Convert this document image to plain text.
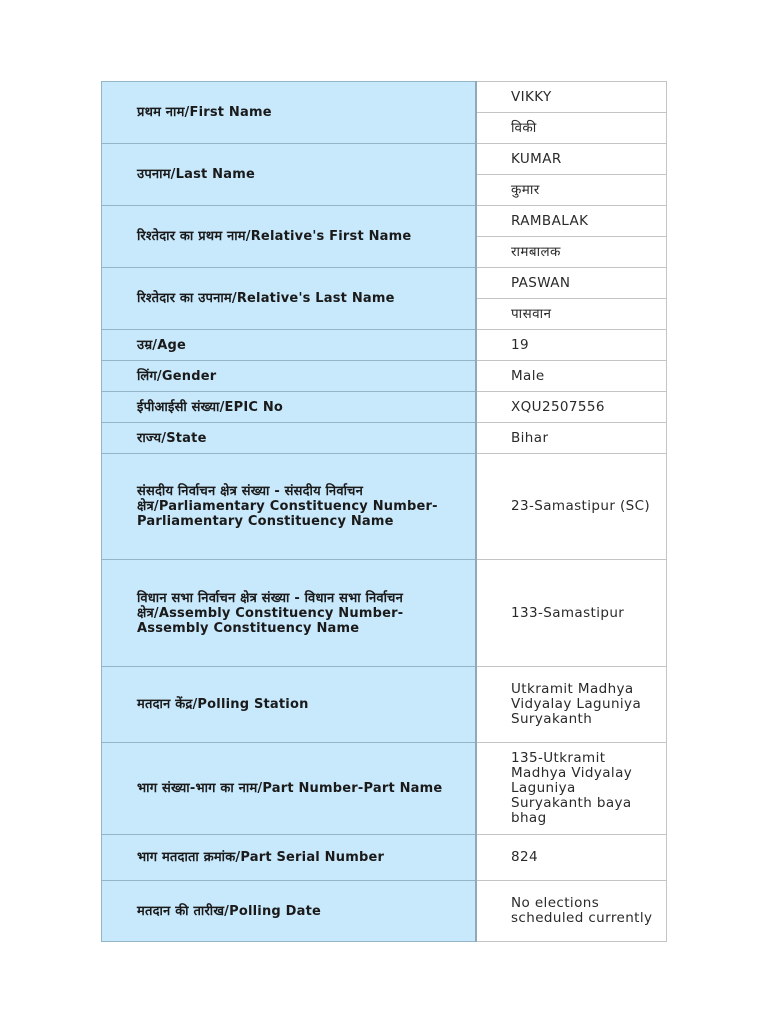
प्रथम नाम/First Name	VIKKY
	विकी
उपनाम/Last Name	KUMAR
	कुमार
रिश्तेदार का प्रथम नाम/Relative's First Name	RAMBALAK
	रामबालक
रिश्तेदार का उपनाम/Relative's Last Name	PASWAN
	पासवान
उम्र/Age	19
लिंग/Gender	Male
ईपीआईसी संख्या/EPIC No	XQU2507556
राज्य/State	Bihar
संसदीय निर्वाचन क्षेत्र संख्या - संसदीय निर्वाचन क्षेत्र/Parliamentary Constituency Number-Parliamentary Constituency Name	23-Samastipur (SC)
विधान सभा निर्वाचन क्षेत्र संख्या - विधान सभा निर्वाचन क्षेत्र/Assembly Constituency Number-Assembly Constituency Name	133-Samastipur
मतदान केंद्र/Polling Station	Utkramit Madhya Vidyalay Laguniya Suryakanth
भाग संख्या-भाग का नाम/Part Number-Part Name	135-Utkramit Madhya Vidyalay Laguniya Suryakanth baya bhag
भाग मतदाता क्रमांक/Part Serial Number	824
मतदान की तारीख/Polling Date	No elections scheduled currently
